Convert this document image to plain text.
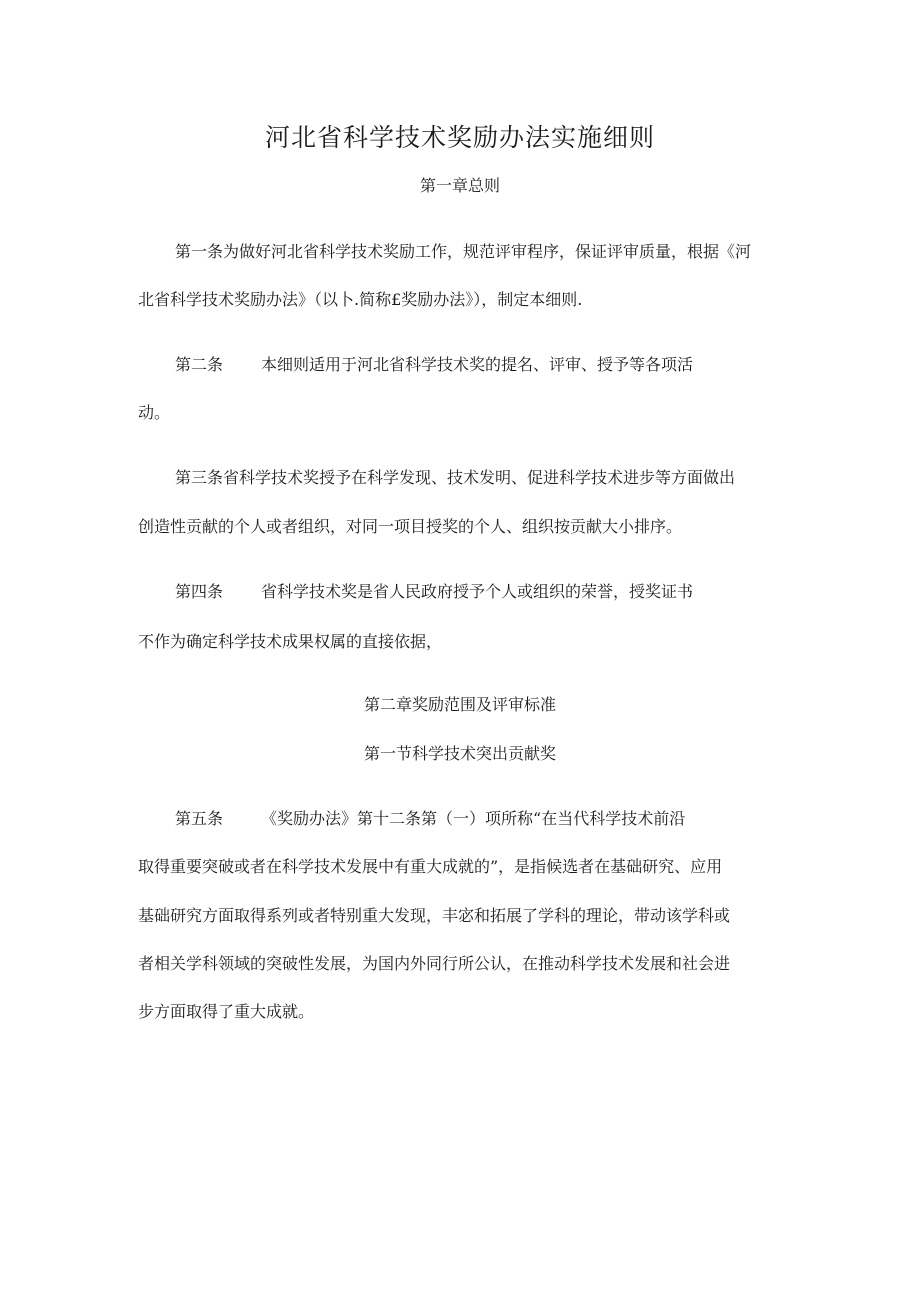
河北省科学技术奖励办法实施细则

第一章总则

第一条为做好河北省科学技术奖励工作，规范评审程序，保证评审质量，根据《河

北省科学技术奖励办法》（以卜.简称£奖励办法》），制定本细则.

第二条 本细则适用于河北省科学技术奖的提名、评审、授予等各项活

动。

第三条省科学技术奖授予在科学发现、技术发明、促进科学技术进步等方面做出

创造性贡献的个人或者组织，对同一项目授奖的个人、组织按贡献大小排序。

第四条 省科学技术奖是省人民政府授予个人或组织的荣誉，授奖证书

不作为确定科学技术成果权属的直接依据，

第二章奖励范围及评审标准

第一节科学技术突出贡献奖

第五条 《奖励办法》第十二条第（一）项所称“在当代科学技术前沿

取得重要突破或者在科学技术发展中有重大成就的”，是指候选者在基础研究、应用

基础研究方面取得系列或者特别重大发现，丰宓和拓展了学科的理论，带动该学科或

者相关学科领域的突破性发展，为国内外同行所公认，在推动科学技术发展和社会进

步方面取得了重大成就。
